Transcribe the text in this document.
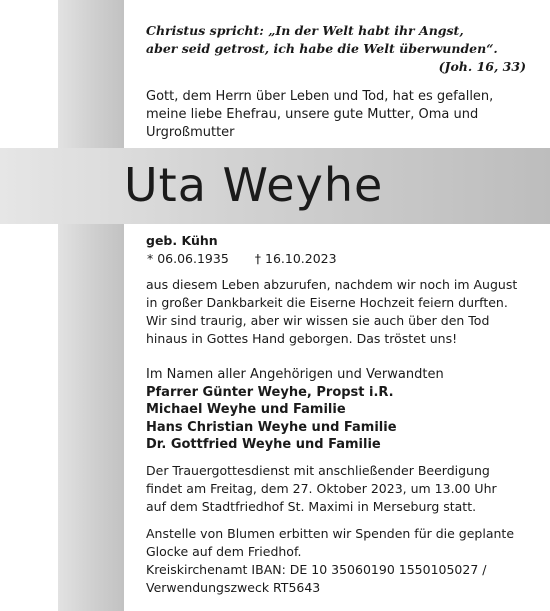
Christus spricht: „In der Welt habt ihr Angst,
aber seid getrost, ich habe die Welt überwunden“.
(Joh. 16, 33)
Gott, dem Herrn über Leben und Tod, hat es gefallen,
meine liebe Ehefrau, unsere gute Mutter, Oma und
Urgroßmutter
Uta Weyhe
geb. Kühn
* 06.06.1935 † 16.10.2023
aus diesem Leben abzurufen, nachdem wir noch im August
in großer Dankbarkeit die Eiserne Hochzeit feiern durften.
Wir sind traurig, aber wir wissen sie auch über den Tod
hinaus in Gottes Hand geborgen. Das tröstet uns!
Im Namen aller Angehörigen und Verwandten
Pfarrer Günter Weyhe, Propst i.R.
Michael Weyhe und Familie
Hans Christian Weyhe und Familie
Dr. Gottfried Weyhe und Familie
Der Trauergottesdienst mit anschließender Beerdigung
findet am Freitag, dem 27. Oktober 2023, um 13.00 Uhr
auf dem Stadtfriedhof St. Maximi in Merseburg statt.
Anstelle von Blumen erbitten wir Spenden für die geplante
Glocke auf dem Friedhof.
Kreiskirchenamt IBAN: DE 10 35060190 1550105027 /
Verwendungszweck RT5643
